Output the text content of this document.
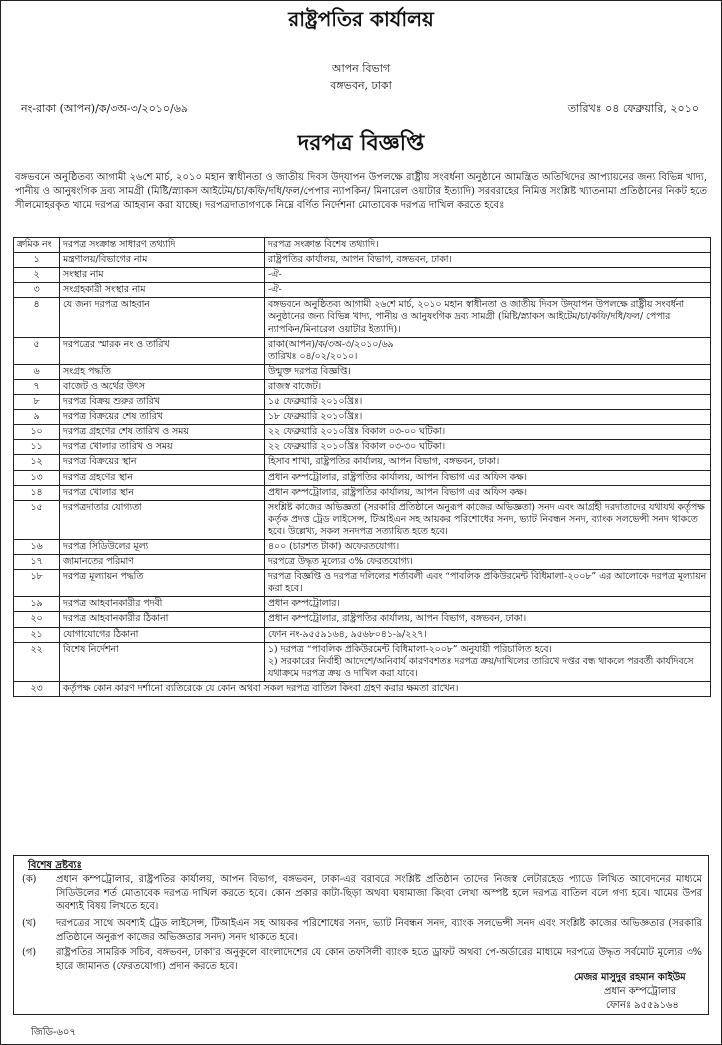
রাষ্ট্রপতির কার্যালয়
আপন বিভাগ
বঙ্গভবন, ঢাকা
নং-রাকা (আপন)/ক/৩অ-৩/২০১০/৬৯	তারিখঃ ০৪ ফেব্রুয়ারি, ২০১০
দরপত্র বিজ্ঞপ্তি
বঙ্গভবনে অনুষ্ঠিতব্য আগামী ২৬শে মার্চ, ২০১০ মহান স্বাধীনতা ও জাতীয় দিবস উদ্‌যাপন উপলক্ষে রাষ্ট্রীয় সংবর্ধনা অনুষ্ঠানে আমন্ত্রিত অতিথিদের আপ্যায়নের জন্য বিভিন্ন খাদ্য, পানীয় ও আনুষংগিক দ্রব্য সামগ্রী (মিষ্টি/স্ন্যাকস আইটেম/চা/কফি/দধি/ফল/পেপার ন্যাপকিন/ মিনারেল ওয়াটার ইত্যাদি) সরবরাহের নিমিত্ত সংশ্লিষ্ট খ্যাতনামা প্রতিষ্ঠানের নিকট হতে সীলমোহরকৃত খামে দরপত্র আহবান করা যাচ্ছে। দরপত্রদাতাগণকে নিম্নে বর্ণিত নির্দেশনা মোতাবেক দরপত্র দাখিল করতে হবেঃ
ক্রমিক নং	দরপত্র সংক্রান্ত সাধারণ তথ্যাদি	দরপত্র সংক্রান্ত বিশেষ তথ্যাদি।
১	মন্ত্রণালয়/বিভাগের নাম	রাষ্ট্রপতির কার্যালয়, আপন বিভাগ, বঙ্গভবন, ঢাকা।

২	সংস্থার নাম	-ঐ-

৩	সংগ্রহকারী সংস্থার নাম	-ঐ-

৪	যে জন্য দরপত্র আহবান	বঙ্গভবনে অনুষ্ঠিতব্য আগামী ২৬শে মার্চ, ২০১০ মহান স্বাধীনতা ও জাতীয় দিবস উদ্‌যাপন উপলক্ষে রাষ্ট্রীয় সংবর্ধনা অনুষ্ঠানের জন্য বিভিন্ন খাদ্য, পানীয় ও আনুষংগিক দ্রব্য সামগ্রী (মিষ্টি/স্ন্যাকস আইটেম/চা/কফি/দধি/ফল/ পেপার ন্যাপকিন/মিনারেল ওয়াটার ইত্যাদি)।

৫	দরপত্রের স্মারক নং ও তারিখ	রাকা(আপন)/ক/৩অ-৩/২০১০/৬৯
তারিখঃ ০৪/০২/২০১০।

৬	সংগ্রহ পদ্ধতি	উন্মুক্ত দরপত্র বিজ্ঞপ্তি।

৭	বাজেট ও অর্থের উৎস	রাজস্ব বাজেট।

৮	দরপত্র বিক্রয় শুরুর তারিখ	১৫ ফেব্রুয়ারি ২০১০খ্রিঃ।

৯	দরপত্র বিক্রয়ের শেষ তারিখ	১৮ ফেব্রুয়ারি ২০১০খ্রিঃ।

১০	দরপত্র গ্রহণের শেষ তারিখ ও সময়	২২ ফেব্রুয়ারি ২০১০খ্রিঃ বিকাল ০৩-০০ ঘটিকা।

১১	দরপত্র খোলার তারিখ ও সময়	২২ ফেব্রুয়ারি ২০১০খ্রিঃ বিকাল ০৩-৩০ ঘটিকা।

১২	দরপত্র বিক্রয়ের স্থান	হিসাব শাখা, রাষ্ট্রপতির কার্যালয়, আপন বিভাগ, বঙ্গভবন, ঢাকা।

১৩	দরপত্র গ্রহণের স্থান	প্রধান কম্পট্রোলার, রাষ্ট্রপতির কার্যালয়, আপন বিভাগ এর অফিস কক্ষ।

১৪	দরপত্র খোলার স্থান	প্রধান কম্পট্রোলার, রাষ্ট্রপতির কার্যালয়, আপন বিভাগ এর অফিস কক্ষ।

১৫	দরপত্রদাতার যোগ্যতা	সংশ্লিষ্ট কাজের অভিজ্ঞতা (সরকারি প্রতিষ্ঠানে অনুরূপ কাজের অভিজ্ঞতা) সনদ এবং আগ্রহী দরদাতাদের যথাযথ কর্তৃপক্ষ কর্তৃক প্রদত্ত ট্রেড লাইসেন্স, টিআইএন সহ আয়কর পরিশোধের সনদ, ভ্যাট নিবন্ধন সনদ, ব্যাংক সলভেন্সী সনদ থাকতে হবে। উল্লেখ্য, সকল সনদপত্র সত্যায়িত হতে হবে।

১৬	দরপত্র সিডিউলের মূল্য	৪০০ (চারশত টাকা) অফেরতযোগ্য।

১৭	জামানতের পরিমাণ	দরপত্রে উদ্ধৃত মূল্যের ৩% ফেরতযোগ্য।

১৮	দরপত্র মূল্যায়ন পদ্ধতি	দরপত্র বিজ্ঞপ্তি ও দরপত্র দলিলের শর্তাবলী এবং “পাবলিক প্রকিউরমেন্ট বিধিমালা-২০০৮” এর আলোকে দরপত্র মূল্যায়ন করা হবে।

১৯	দরপত্র আহবানকারীর পদবী	প্রধান কম্পট্রোলার।

২০	দরপত্র আহবানকারীর ঠিকানা	প্রধান কম্পট্রোলার, রাষ্ট্রপতির কার্যালয়, আপন বিভাগ, বঙ্গভবন, ঢাকা।

২১	যোগাযোগের ঠিকানা	ফোন নং-৯৫৫৯১৬৪, ৯৫৬৮০৪১-৯/২২৭।

২২	বিশেষ নির্দেশনা	১) দরপত্র “পাবলিক প্রকিউরমেন্ট বিধিমালা-২০০৮” অনুযায়ী পরিচালিত হবে।
২) সরকারের নির্বাহী আদেশে/অনিবার্য কারণবশতঃ দরপত্র ক্রয়/দাখিলের তারিখে দপ্তর বন্ধ থাকলে পরবর্তী কার্যদিবসে যথাক্রমে দরপত্র ক্রয় ও দাখিল করা যাবে।

২৩	কর্তৃপক্ষ কোন কারণ দর্শানো ব্যতিরেকে যে কোন অথবা সকল দরপত্র বাতিল কিংবা গ্রহণ করার ক্ষমতা রাখেন।	
বিশেষ দ্রষ্টব্যঃ
(ক)	প্রধান কম্পট্রোলার, রাষ্ট্রপতির কার্যালয়, আপন বিভাগ, বঙ্গভবন, ঢাকা-এর বরাবরে সংশ্লিষ্ট প্রতিষ্ঠান তাদের নিজস্ব লেটারহেড প্যাডে লিখিত আবেদনের মাধ্যমে সিডিউলের শর্ত মোতাবেক দরপত্র দাখিল করতে হবে। কোন প্রকার কাটা-ছিড়া অথবা ঘষামাজা কিংবা লেখা অস্পষ্ট হলে দরপত্র বাতিল বলে গণ্য হবে। খামের উপর অবশ্যই বিষয় লিখতে হবে।
(খ)	দরপত্রের সাথে অবশ্যই ট্রেড লাইসেন্স, টিআইএন সহ আয়কর পরিশোধের সনদ, ভ্যাট নিবন্ধন সনদ, ব্যাংক সলভেন্সী সনদ এবং সংশ্লিষ্ট কাজের অভিজ্ঞতার (সরকারি প্রতিষ্ঠানে অনুরূপ কাজের অভিজ্ঞতার সনদ) সনদ থাকতে হবে।
(গ)	রাষ্ট্রপতির সামরিক সচিব, বঙ্গভবন, ঢাকা'র অনুকূলে বাংলাদেশের যে কোন তফসিলী ব্যাংক হতে ড্রাফট অথবা পে-অর্ডারের মাধ্যমে দরপত্রে উদ্ধৃত সর্বমোট মূল্যের ৩% হারে জামানত (ফেরতযোগ্য) প্রদান করতে হবে।
মেজর মাসুদুর রহমান কাইউম
প্রধান কম্পট্রোলার
ফোনঃ ৯৫৫৯১৬৪
জিডি-৬০৭
